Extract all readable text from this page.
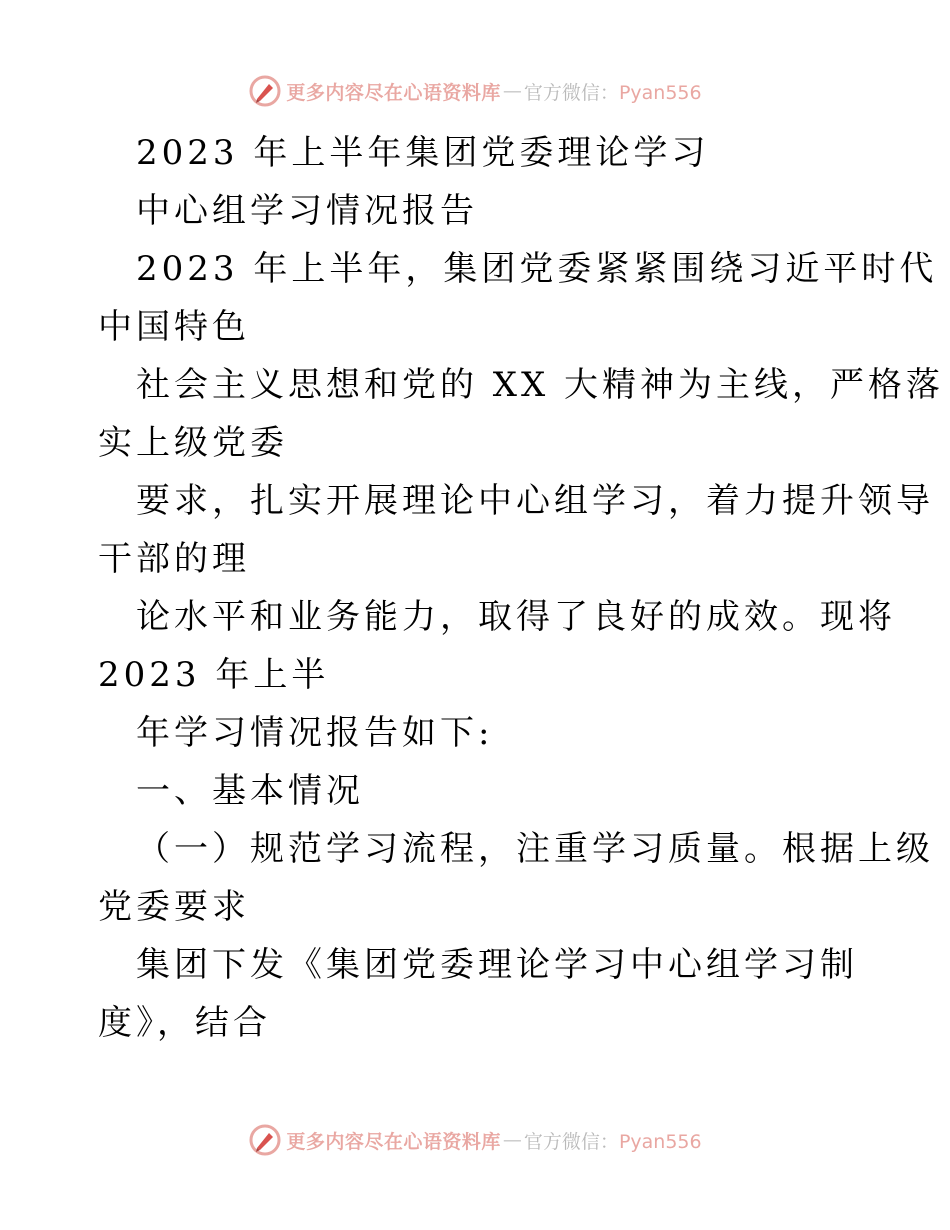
更多内容尽在心语资料库 — 官方微信：Pyan556
2023 年上半年集团党委理论学习
中心组学习情况报告
2023 年上半年，集团党委紧紧围绕习近平时代
中国特色
社会主义思想和党的 XX 大精神为主线，严格落
实上级党委
要求，扎实开展理论中心组学习，着力提升领导
干部的理
论水平和业务能力，取得了良好的成效。现将
2023 年上半
年学习情况报告如下:
一、基本情况
（一）规范学习流程，注重学习质量。根据上级
党委要求
集团下发《集团党委理论学习中心组学习制
度》，结合
更多内容尽在心语资料库 — 官方微信：Pyan556
